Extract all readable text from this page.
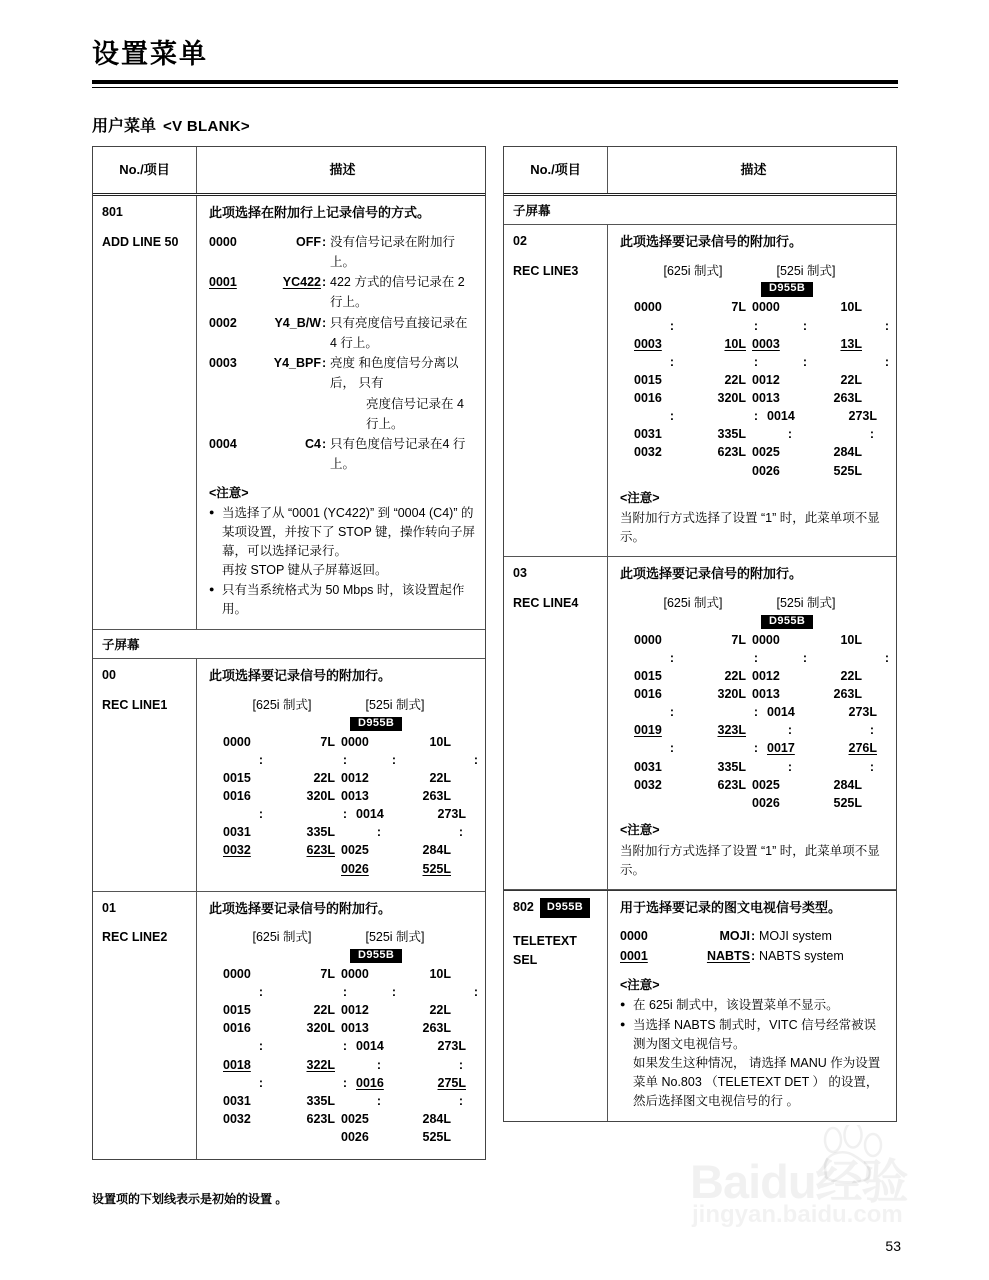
设置菜单
用户菜单 <V BLANK>
No./项目	描述
801
ADD LINE 50
此项选择在附加行上记录信号的方式。
0000	OFF : 没有信号记录在附加行上。
0001	YC422 : 422 方式的信号记录在 2 行上。
0002	Y4_B/W : 只有亮度信号直接记录在 4 行上。
0003	Y4_BPF : 亮度 和色度信号分离以后， 只有
亮度信号记录在 4 行上。
0004	C4 : 只有色度信号记录在4 行上。
<注意>
● 当选择了从 “0001 (YC422)” 到 “0004 (C4)” 的某项设置，并按下了 STOP 键，操作转向子屏幕，可以选择记录行。
再按 STOP 键从子屏幕返回。
● 只有当系统格式为 50 Mbps 时，该设置起作用。
子屏幕
00
REC LINE1
此项选择要记录信号的附加行。
[625i 制式]	[525i 制式]
D955B
0000	7L 0000	10L
:	:	:	:
0015	22L 0012	22L
0016	320L 0013	263L
:	: 0014	273L
0031	335L	:	:
0032	623L 0025	284L
0026	525L
01
REC LINE2
此项选择要记录信号的附加行。
[625i 制式]	[525i 制式]
D955B
0000	7L 0000	10L
:	:	:	:
0015	22L 0012	22L
0016	320L 0013	263L
:	: 0014	273L
0018	322L	:	:
:	: 0016	275L
0031	335L	:	:
0032	623L 0025	284L
0026	525L
No./项目	描述
子屏幕
02
REC LINE3
此项选择要记录信号的附加行。
[625i 制式]	[525i 制式]
D955B
0000	7L 0000	10L
:	:	:	:
0003	10L 0003	13L
:	:	:	:
0015	22L 0012	22L
0016	320L 0013	263L
:	: 0014	273L
0031	335L	:	:
0032	623L 0025	284L
0026	525L
<注意>
当附加行方式选择了设置 “1” 时，此菜单项不显示。
03
REC LINE4
此项选择要记录信号的附加行。
[625i 制式]	[525i 制式]
D955B
0000	7L 0000	10L
:	:	:	:
0015	22L 0012	22L
0016	320L 0013	263L
:	: 0014	273L
0019	323L	:	:
:	: 0017	276L
0031	335L	:	:
0032	623L 0025	284L
0026	525L
<注意>
当附加行方式选择了设置 “1” 时，此菜单项不显示。
802 D955B
TELETEXT
SEL
用于选择要记录的图文电视信号类型。
0000	MOJI : MOJI system
0001	NABTS : NABTS system
<注意>
● 在 625i 制式中，该设置菜单不显示。
● 当选择 NABTS 制式时，VITC 信号经常被误测为图文电视信号。
如果发生这种情况， 请选择 MANU 作为设置菜单 No.803 （TELETEXT DET ） 的设置，然后选择图文电视信号的行 。
设置项的下划线表示是初始的设置 。
53
Baidu经验
jingyan.baidu.com
